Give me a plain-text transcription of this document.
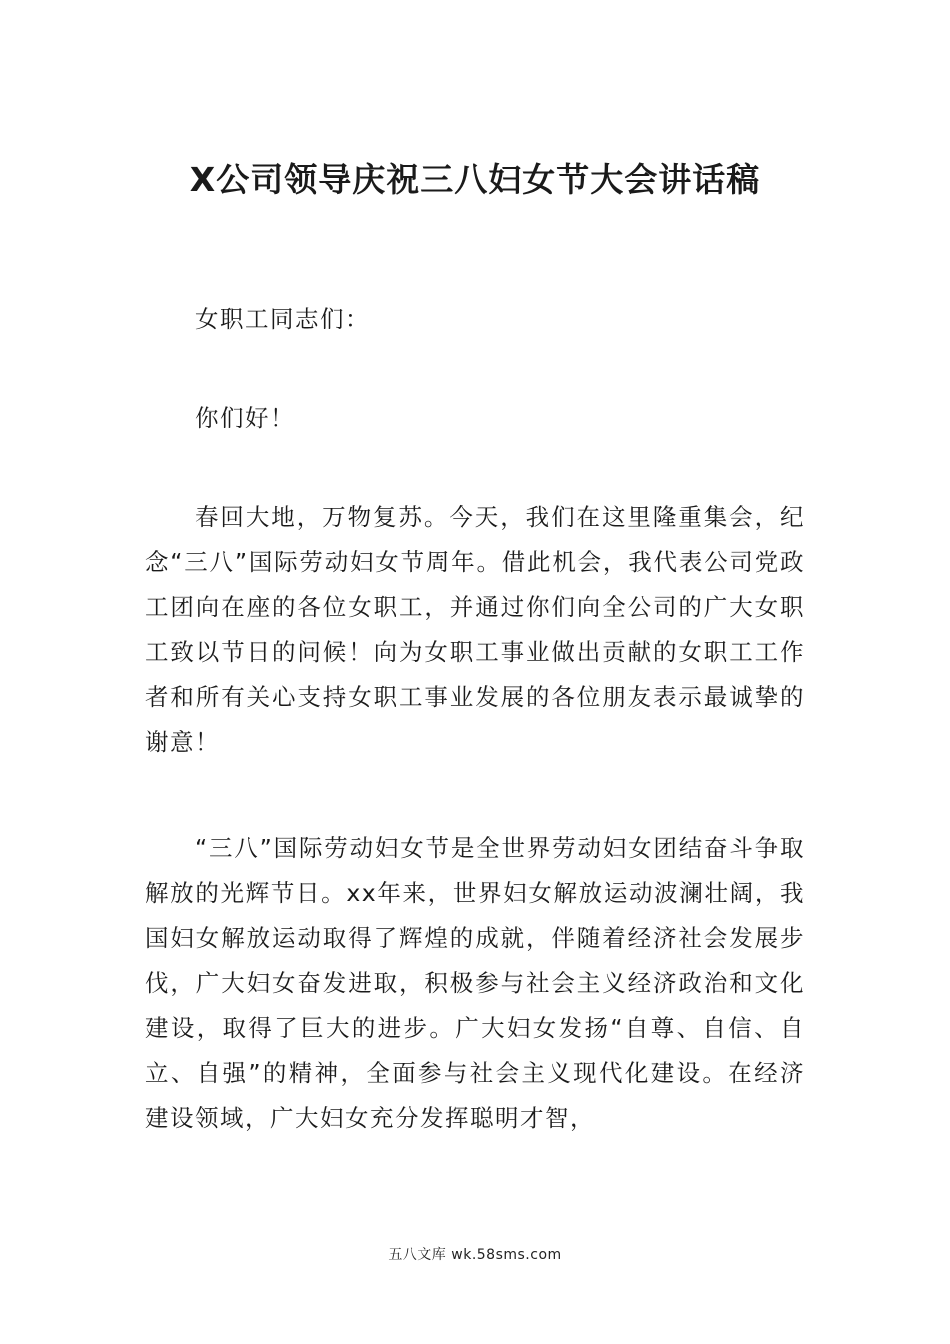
X公司领导庆祝三八妇女节大会讲话稿

女职工同志们：

你们好！

春回大地，万物复苏。今天，我们在这里隆重集会，纪念“三八”国际劳动妇女节周年。借此机会，我代表公司党政工团向在座的各位女职工，并通过你们向全公司的广大女职工致以节日的问候！向为女职工事业做出贡献的女职工工作者和所有关心支持女职工事业发展的各位朋友表示最诚挚的谢意！

“三八”国际劳动妇女节是全世界劳动妇女团结奋斗争取解放的光辉节日。xx年来，世界妇女解放运动波澜壮阔，我国妇女解放运动取得了辉煌的成就，伴随着经济社会发展步伐，广大妇女奋发进取，积极参与社会主义经济政治和文化建设，取得了巨大的进步。广大妇女发扬“自尊、自信、自立、自强”的精神，全面参与社会主义现代化建设。在经济建设领域，广大妇女充分发挥聪明才智，

五八文库 wk.58sms.com
